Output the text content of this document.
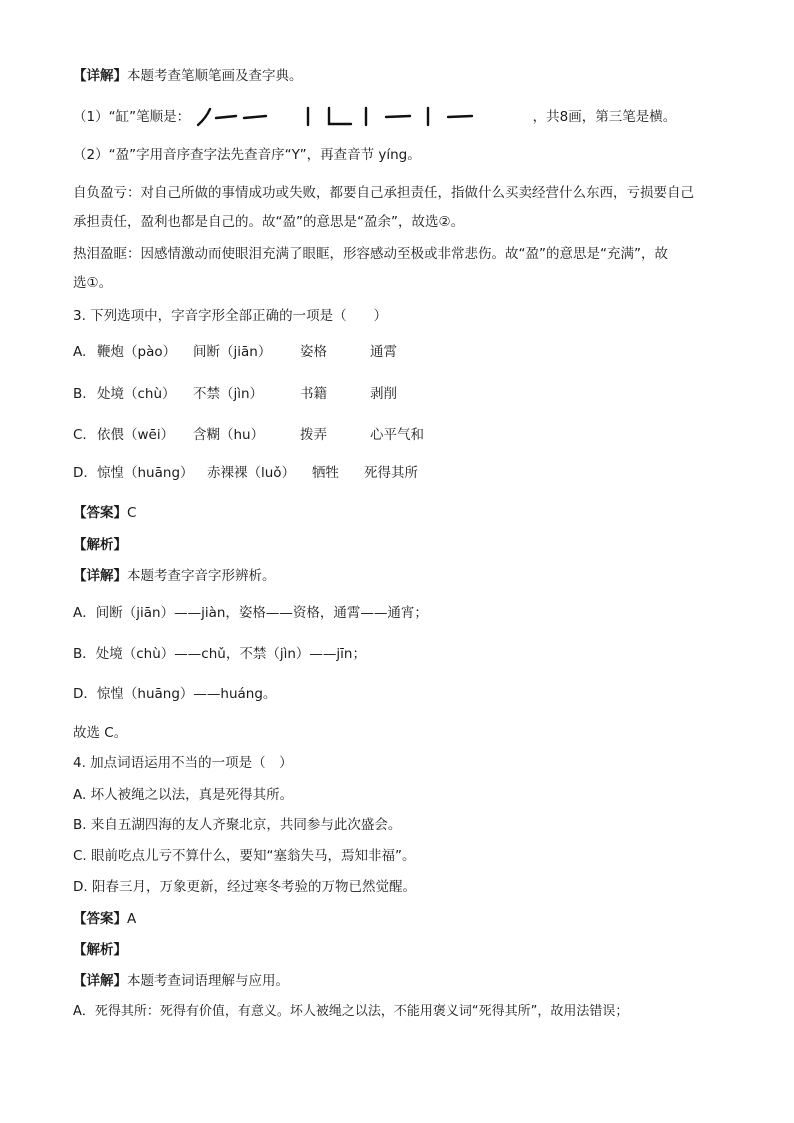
【详解】本题考查笔顺笔画及查字典。
（1）“缸”笔顺是：	，共8画，第三笔是横。
（2）“盈”字用音序查字法先查音序“Y”，再查音节 yíng。
自负盈亏：对自己所做的事情成功或失败，都要自己承担责任，指做什么买卖经营什么东西，亏损要自己
承担责任，盈利也都是自己的。故“盈”的意思是“盈余”，故选②。
热泪盈眶：因感情激动而使眼泪充满了眼眶，形容感动至极或非常悲伤。故“盈”的意思是“充满”，故
选①。
3. 下列选项中，字音字形全部正确的一项是（　　）
A. 鞭炮（pào） 间断（jiān） 姿格	通霄
B. 处境（chù） 不禁（jìn）	书籍	剥削
C. 依偎（wēi） 含糊（hu）	拨弄	心平气和
D. 惊惶（huāng） 赤裸裸（luǒ） 牺牲 死得其所
【答案】C
【解析】
【详解】本题考查字音字形辨析。
A．间断（jiān）——jiàn，姿格——资格，通霄——通宵；
B．处境（chù）——chǔ，不禁（jìn）——jīn；
D．惊惶（huāng）——huáng。
故选 C。
4. 加点词语运用不当的一项是（　）
A. 坏人被绳之以法，真是死得其所。
B. 来自五湖四海的友人齐聚北京，共同参与此次盛会。
C. 眼前吃点儿亏不算什么，要知“塞翁失马，焉知非福”。
D. 阳春三月，万象更新，经过寒冬考验的万物已然觉醒。
【答案】A
【解析】
【详解】本题考查词语理解与应用。
A．死得其所：死得有价值，有意义。坏人被绳之以法，不能用褒义词“死得其所”，故用法错误；
